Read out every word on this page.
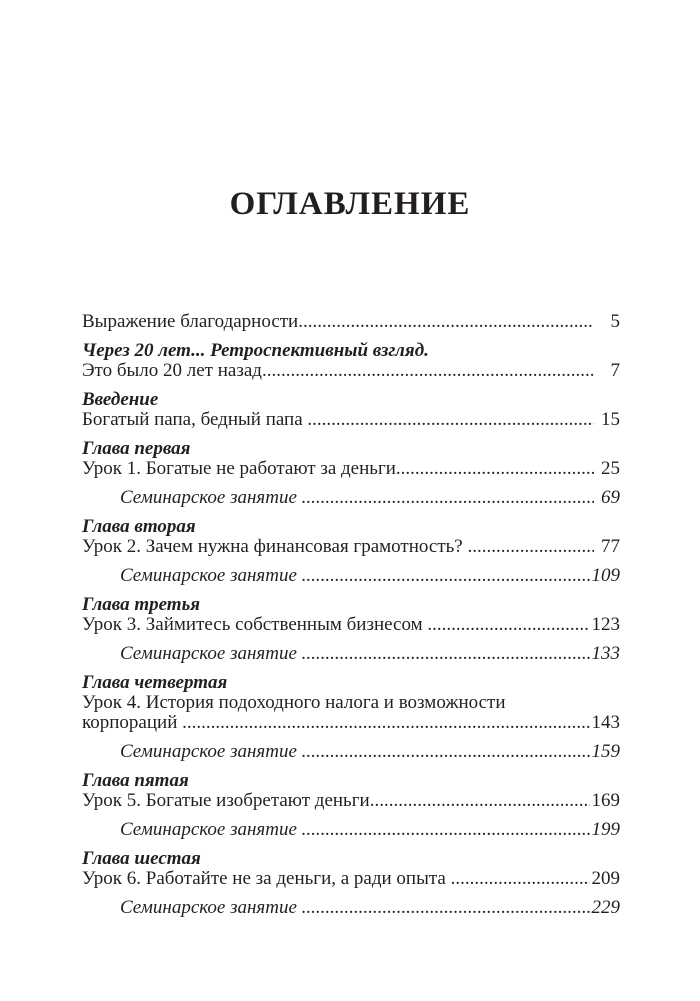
ОГЛАВЛЕНИЕ
Выражение благодарности .....	5
Через 20 лет... Ретроспективный взгляд.
Это было 20 лет назад .....	7
Введение
Богатый папа, бедный папа .....	15
Глава первая
Урок 1. Богатые не работают за деньги .....	25
Семинарское занятие .....	69
Глава вторая
Урок 2. Зачем нужна финансовая грамотность? .....	77
Семинарское занятие .....	109
Глава третья
Урок 3. Займитесь собственным бизнесом .....	123
Семинарское занятие .....	133
Глава четвертая
Урок 4. История подоходного налога и возможности
корпораций .....	143
Семинарское занятие .....	159
Глава пятая
Урок 5. Богатые изобретают деньги .....	169
Семинарское занятие .....	199
Глава шестая
Урок 6. Работайте не за деньги, а ради опыта .....	209
Семинарское занятие .....	229
